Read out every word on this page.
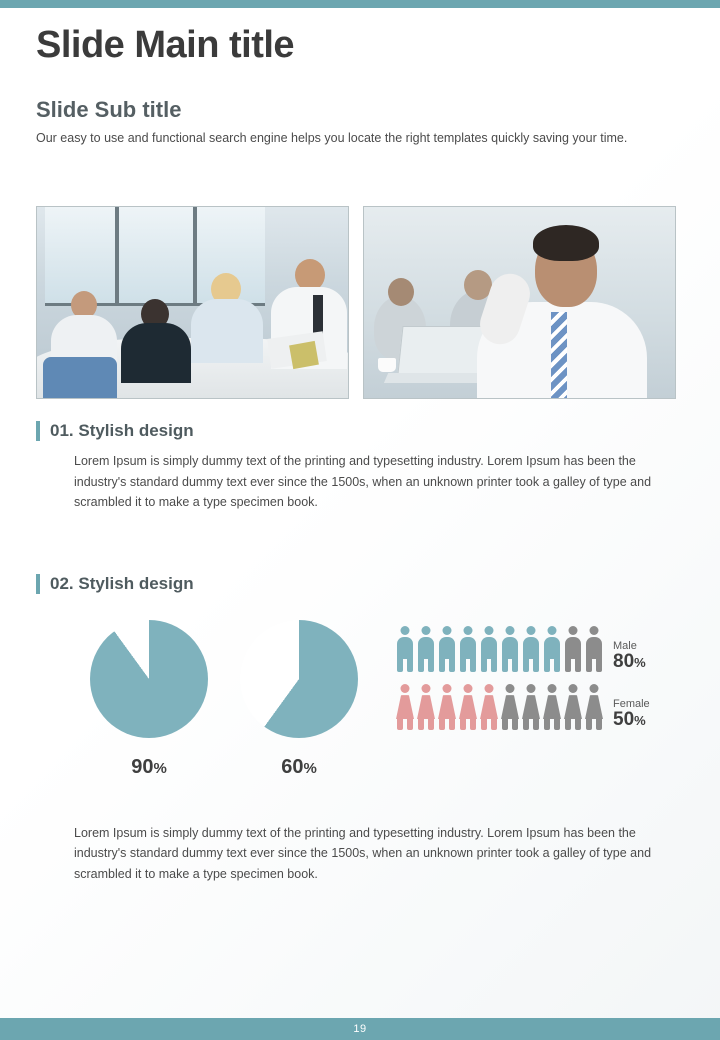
Slide Main title
Slide Sub title

Our easy to use and functional search engine helps you locate the right templates quickly saving your time.

01. Stylish design

Lorem Ipsum is simply dummy text of the printing and typesetting industry. Lorem Ipsum has been the industry's standard dummy text ever since the 1500s, when an unknown printer took a galley of type and scrambled it to make a type specimen book.

02. Stylish design
90%	60%
Male
80%
Female
50%

Lorem Ipsum is simply dummy text of the printing and typesetting industry. Lorem Ipsum has been the industry's standard dummy text ever since the 1500s, when an unknown printer took a galley of type and scrambled it to make a type specimen book.

19
